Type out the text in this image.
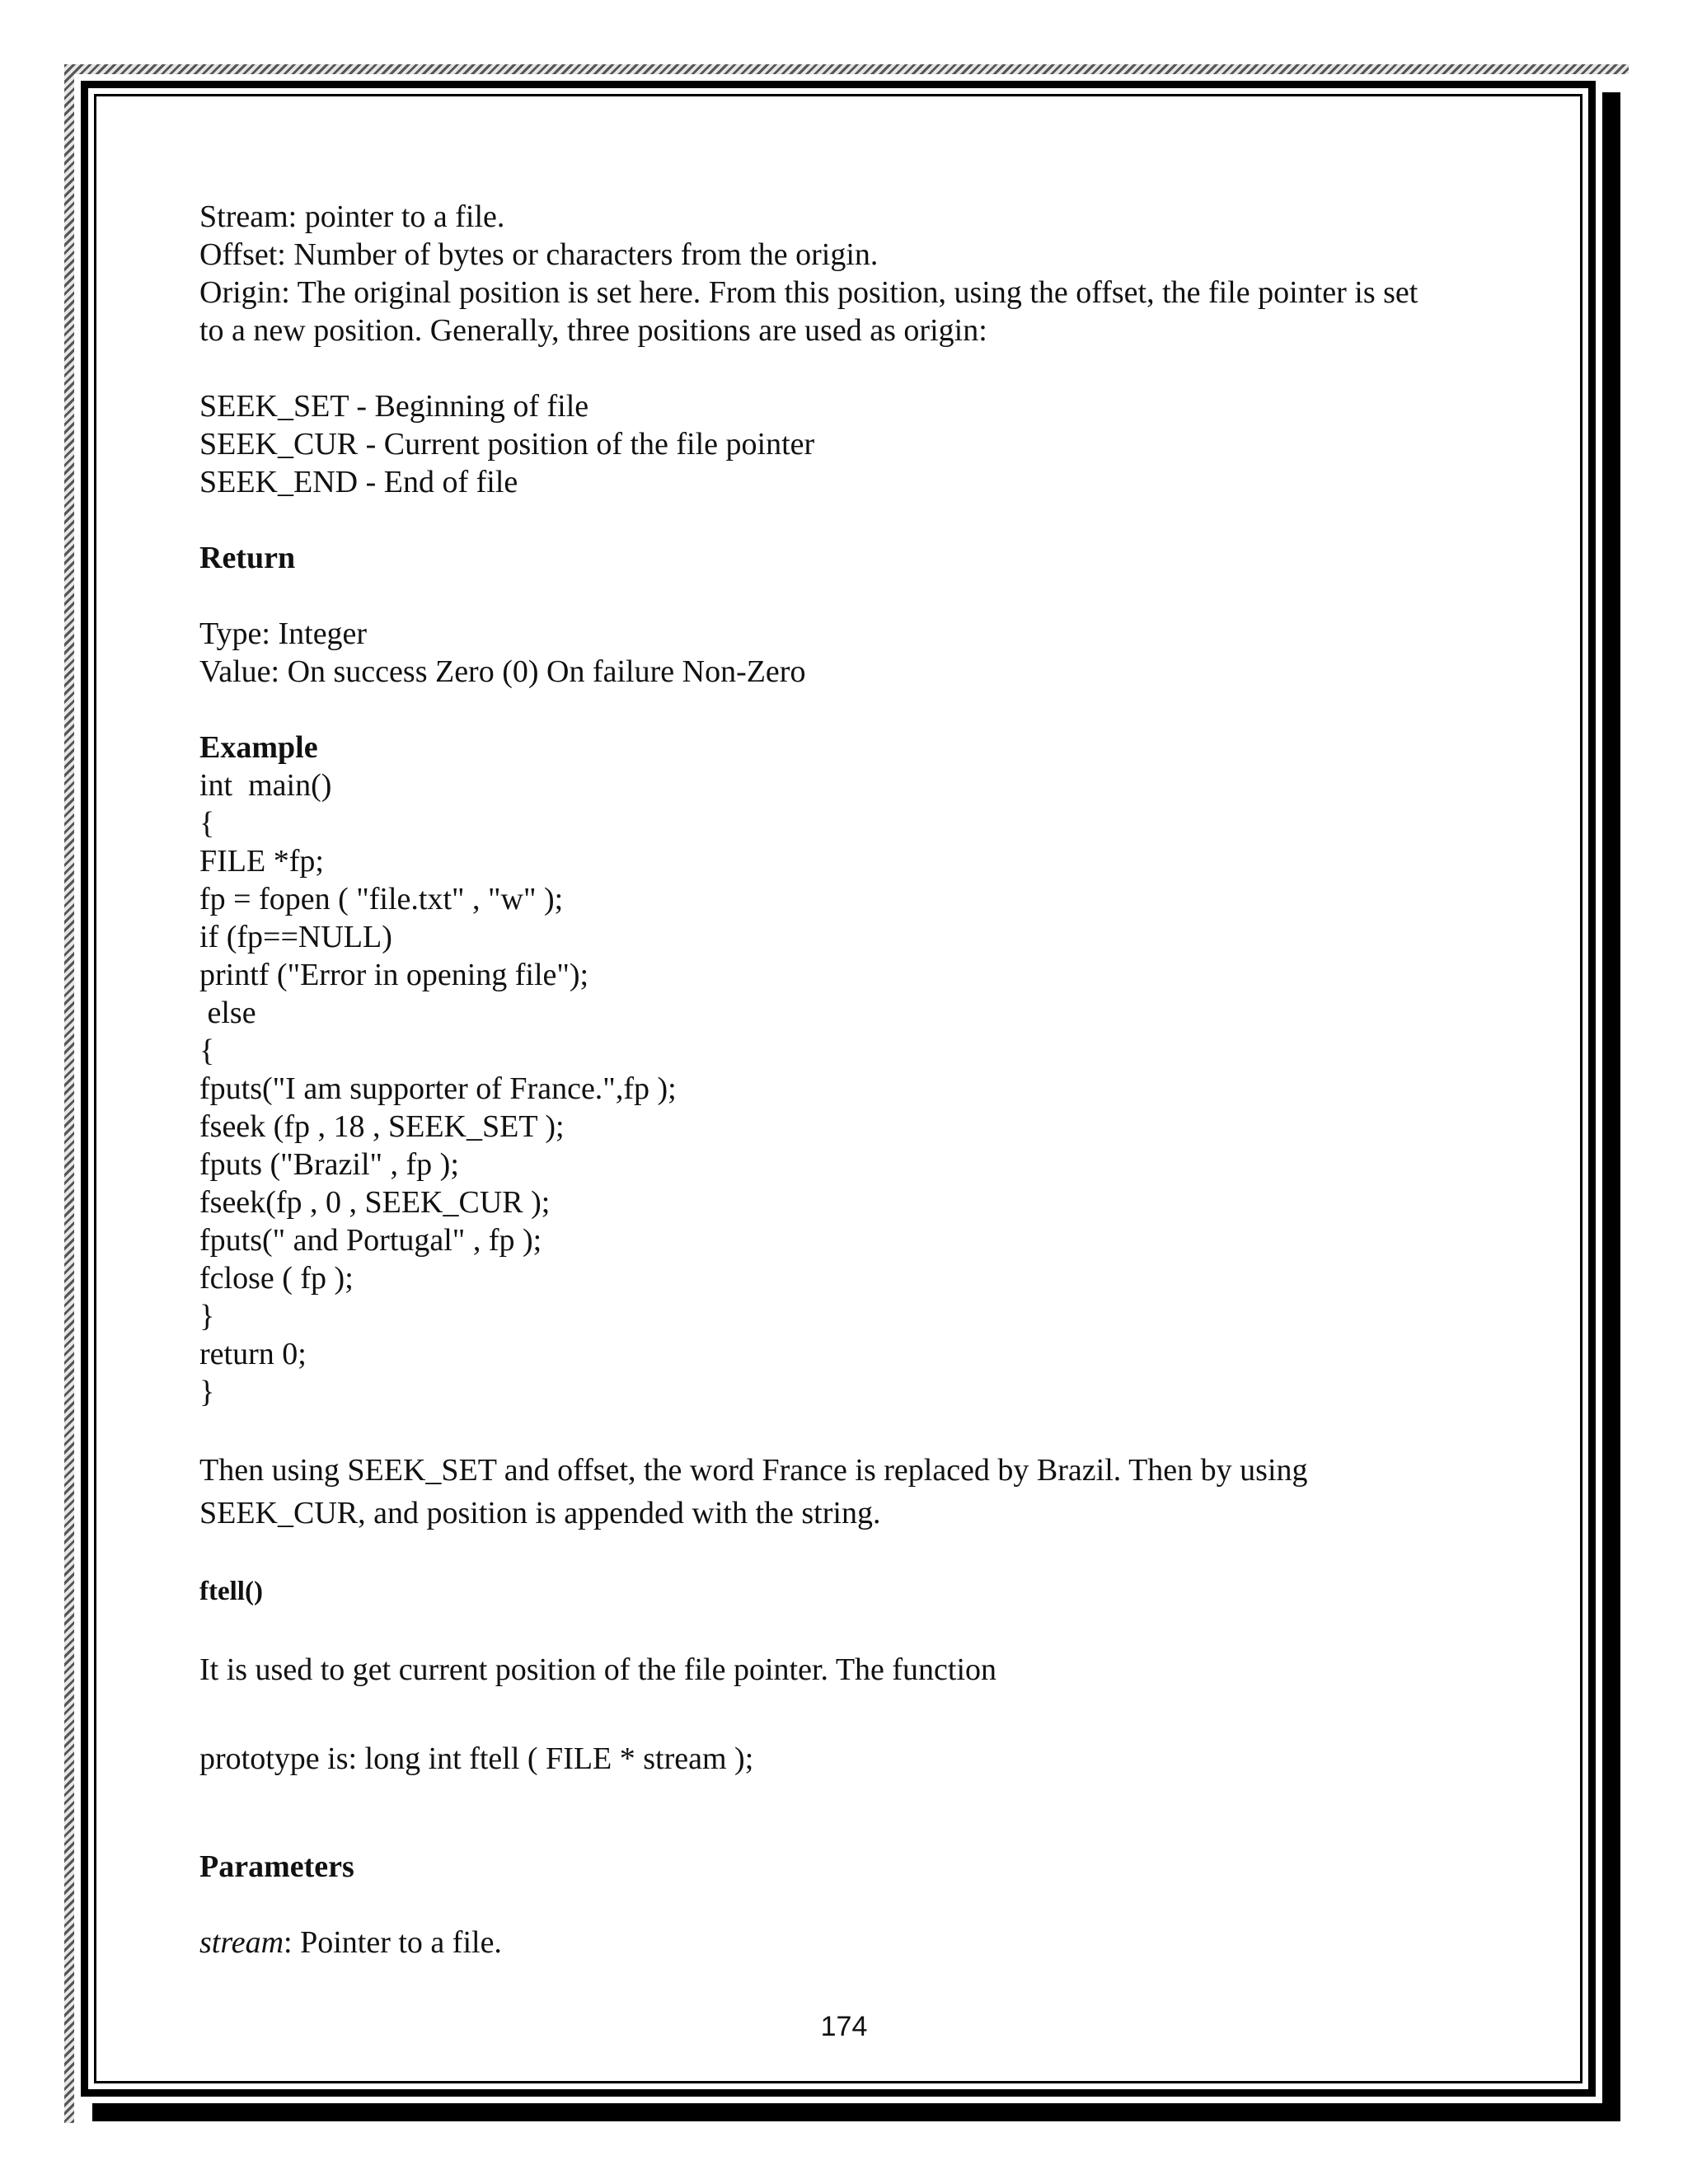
Stream: pointer to a file.
Offset: Number of bytes or characters from the origin.
Origin: The original position is set here. From this position, using the offset, the file pointer is set
to a new position. Generally, three positions are used as origin:
SEEK_SET - Beginning of file
SEEK_CUR - Current position of the file pointer
SEEK_END - End of file
Return
Type: Integer
Value: On success Zero (0) On failure Non-Zero
Example
int  main()
{
FILE *fp;
fp = fopen ( "file.txt" , "w" );
if (fp==NULL)
printf ("Error in opening file");
else
{
fputs("I am supporter of France.",fp );
fseek (fp , 18 , SEEK_SET );
fputs ("Brazil" , fp );
fseek(fp , 0 , SEEK_CUR );
fputs(" and Portugal" , fp );
fclose ( fp );
}
return 0;
}
Then using SEEK_SET and offset, the word France is replaced by Brazil. Then by using
SEEK_CUR, and position is appended with the string.
ftell()
It is used to get current position of the file pointer. The function
prototype is: long int ftell ( FILE * stream );
Parameters
stream: Pointer to a file.
174
